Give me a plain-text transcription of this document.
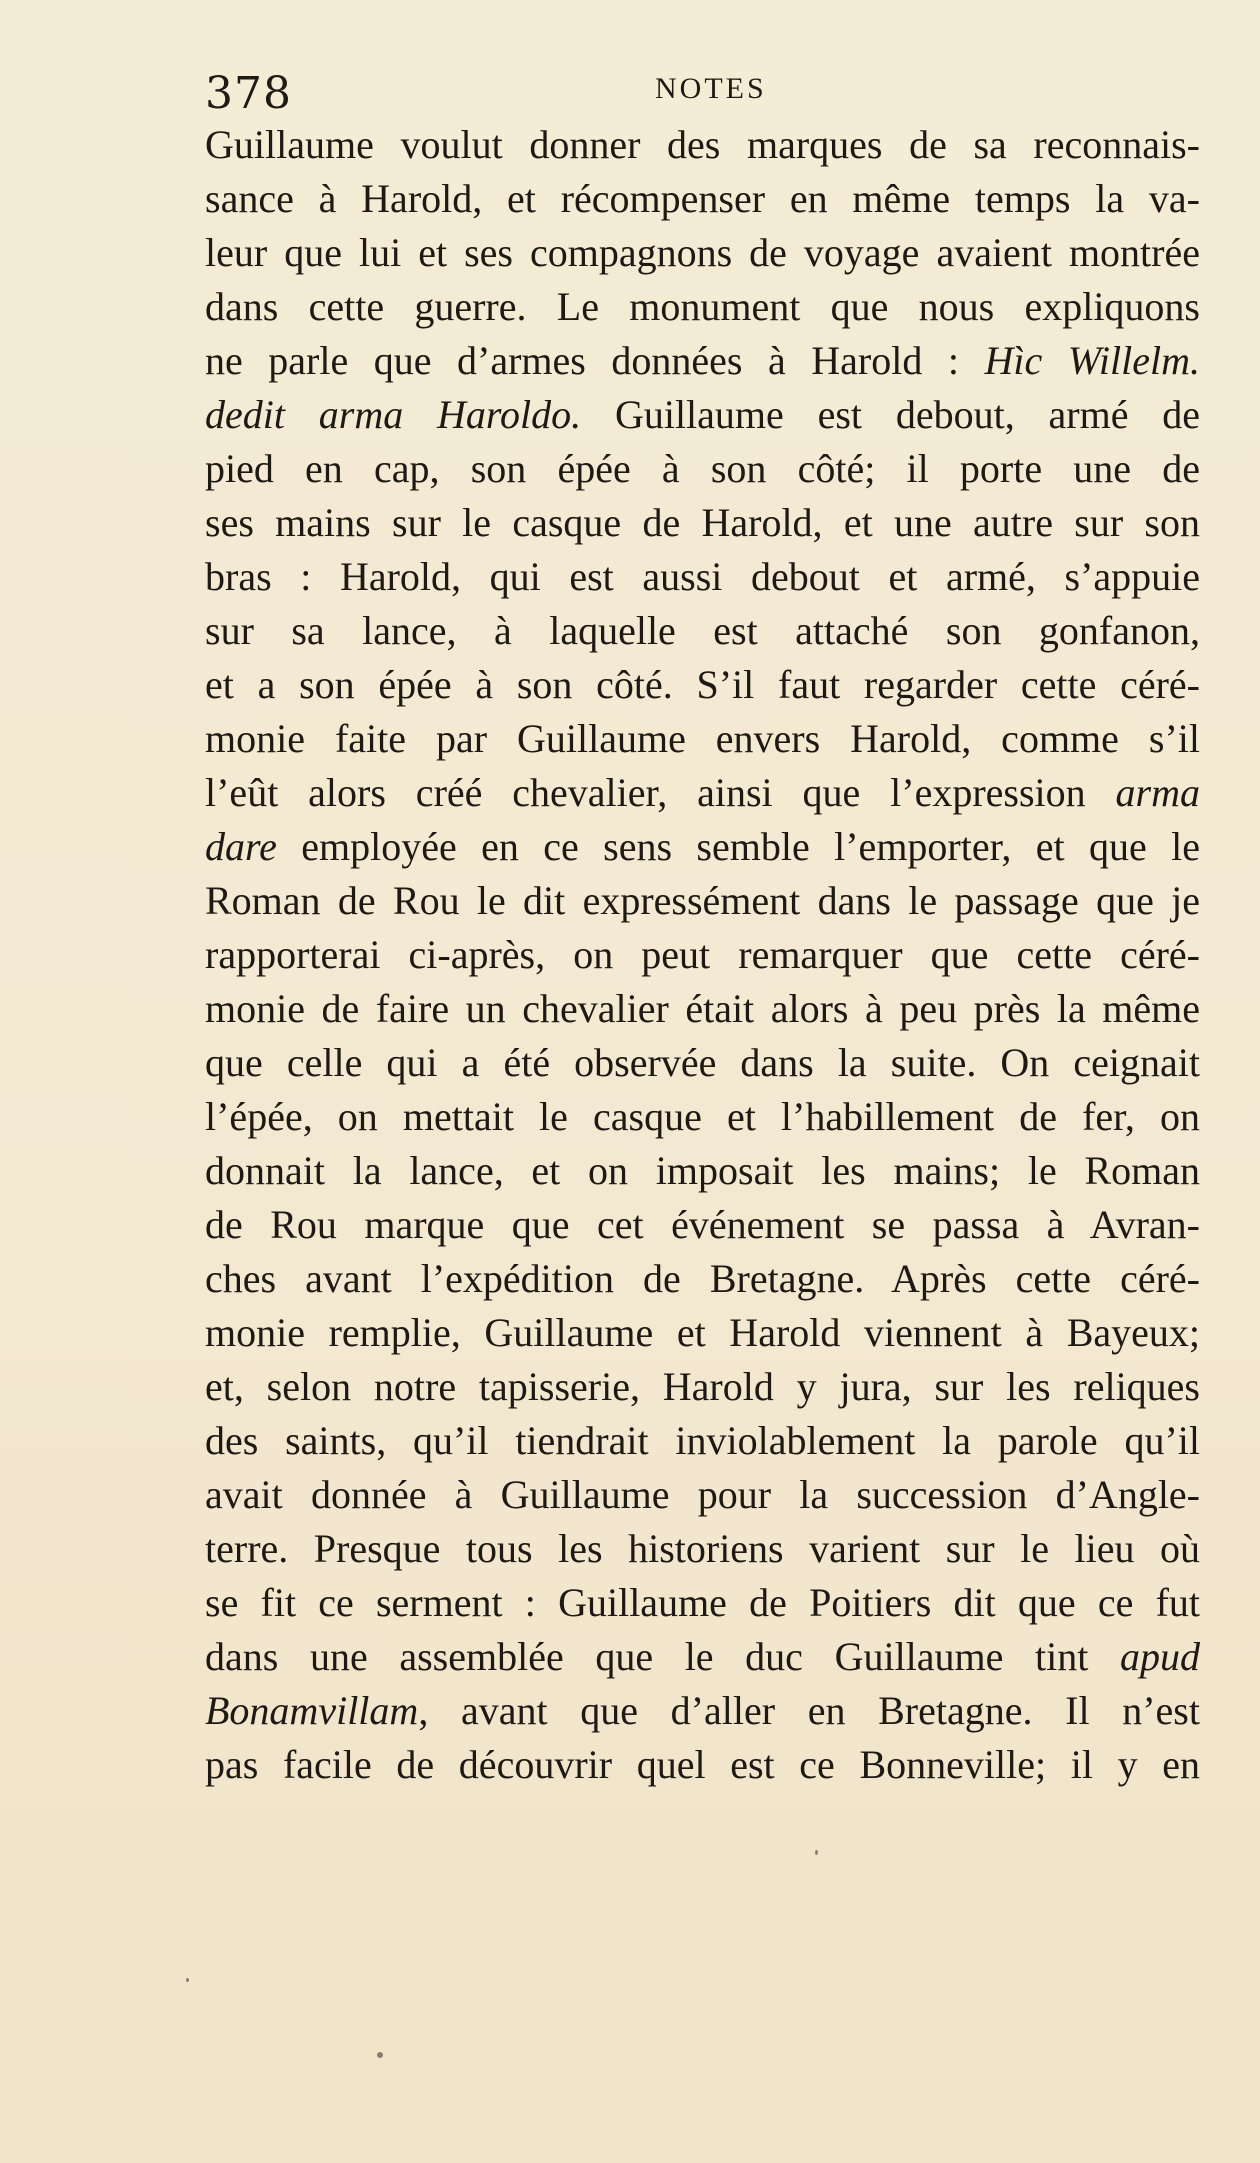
378	NOTES
Guillaume voulut donner des marques de sa reconnais-
sance à Harold, et récompenser en même temps la va-
leur que lui et ses compagnons de voyage avaient montrée
dans cette guerre. Le monument que nous expliquons
ne parle que d’armes données à Harold : Hìc Willelm.
dedit arma Haroldo. Guillaume est debout, armé de
pied en cap, son épée à son côté; il porte une de
ses mains sur le casque de Harold, et une autre sur son
bras : Harold, qui est aussi debout et armé, s’appuie
sur sa lance, à laquelle est attaché son gonfanon,
et a son épée à son côté. S’il faut regarder cette céré-
monie faite par Guillaume envers Harold, comme s’il
l’eût alors créé chevalier, ainsi que l’expression arma
dare employée en ce sens semble l’emporter, et que le
Roman de Rou le dit expressément dans le passage que je
rapporterai ci-après, on peut remarquer que cette céré-
monie de faire un chevalier était alors à peu près la même
que celle qui a été observée dans la suite. On ceignait
l’épée, on mettait le casque et l’habillement de fer, on
donnait la lance, et on imposait les mains; le Roman
de Rou marque que cet événement se passa à Avran-
ches avant l’expédition de Bretagne. Après cette céré-
monie remplie, Guillaume et Harold viennent à Bayeux;
et, selon notre tapisserie, Harold y jura, sur les reliques
des saints, qu’il tiendrait inviolablement la parole qu’il
avait donnée à Guillaume pour la succession d’Angle-
terre. Presque tous les historiens varient sur le lieu où
se fit ce serment : Guillaume de Poitiers dit que ce fut
dans une assemblée que le duc Guillaume tint apud
Bonamvillam, avant que d’aller en Bretagne. Il n’est
pas facile de découvrir quel est ce Bonneville; il y en
